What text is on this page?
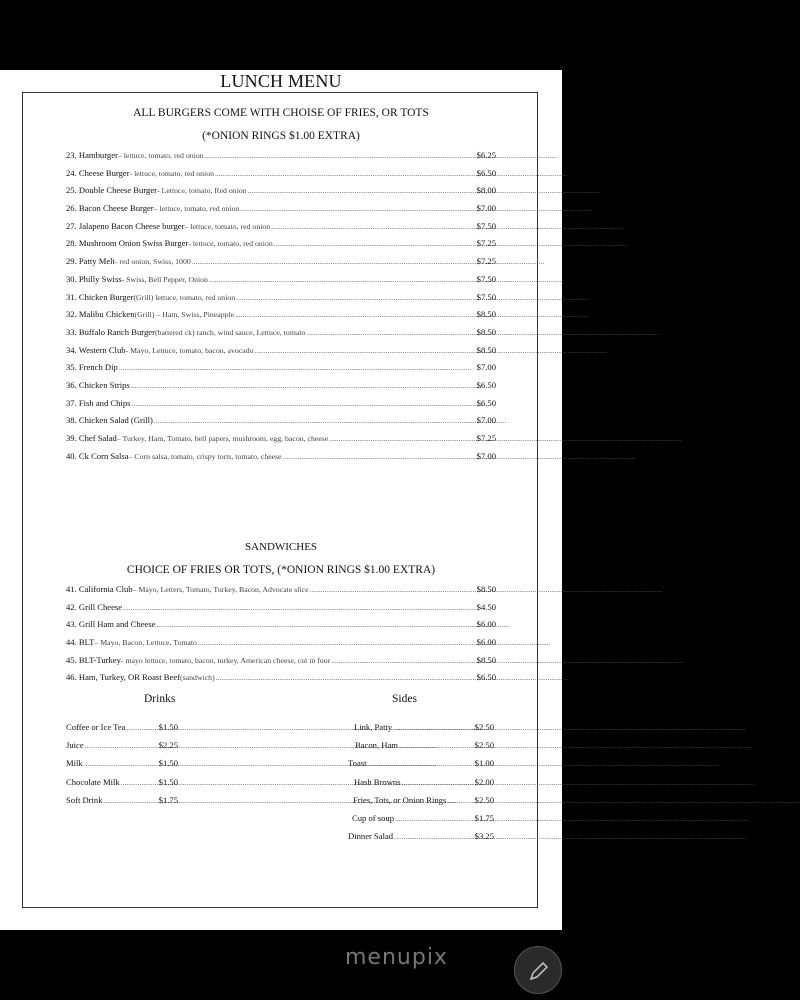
LUNCH MENU
ALL BURGERS COME WITH CHOISE OF FRIES, OR TOTS
(*ONION RINGS $1.00 EXTRA)
23. Hamburger – lettuce, tomato, red onion .....	$6.25
24. Cheese Burger - lettuce, tomato, red onion .....	$6.50
25. Double Cheese Burger - Lettuce, tomato, Red onion .....	$8.00
26. Bacon Cheese Burger – lettuce, tomato, red onion .....	$7.00
27. Jalapeno Bacon Cheese burger – lettuce, tomato, red onion .....	$7.50
28. Mushroom Onion Swiss Burger - lettuce, tomato, red onion .....	$7.25
29. Patty Melt - red onion, Swiss, 1000 .....	$7.25
30. Philly Swiss - Swiss, Bell Pepper, Onion .....	$7.50
31. Chicken Burger (Grill) lettuce, tomato, red onion .....	$7.50
32. Malibu Chicken (Grill) – Ham, Swiss, Pineapple .....	$8.50
33. Buffalo Ranch Burger (battered ck) ranch, wind sauce, Lettuce, tomato .....	$8.50
34. Western Club - Mayo, Lettuce, tomato, bacon, avocado .....	$8.50
35. French Dip .....	$7.00
36. Chicken Strips .....	$6.50
37. Fish and Chips .....	$6.50
38. Chicken Salad (Grill) .....	$7.00
39. Chef Salad – Turkey, Ham, Tomato, bell papers, mushroom, egg, bacon, cheese .....	$7.25
40. Ck Corn Salsa – Corn salsa, tomato, crispy torts, tomato, cheese .....	$7.00
SANDWICHES
CHOICE OF FRIES OR TOTS, (*ONION RINGS $1.00 EXTRA)
41. California Club – Mayo, Letters, Tomato, Turkey, Bacon, Advocate slice .....	$8.50
42. Grill Cheese .....	$4.50
43. Grill Ham and Cheese .....	$6.00
44. BLT – Mayo, Bacon, Lettuce, Tomato .....	$6.00
45. BLT-Turkey - mayo lettuce, tomato, bacon, turkey, American cheese, cut in four .....	$8.50
46. Ham, Turkey, OR Roast Beef (sandwich) .....	$6.50
Drinks	Sides
Coffee or Ice Tea .....	$1.50
Juice .....	$2.25
Milk .....	$1.50
Chocolate Milk .....	$1.50
Soft Drink .....	$1.75
Link, Patty .....	$2.50
Bacon, Ham .....	$2.50
Toast .....	$1.00
Hash Browns .....	$2.00
Fries, Tots, or Onion Rings .....	$2.50
Cup of soup .....	$1.75
Dinner Salad .....	$3.25
menupix
